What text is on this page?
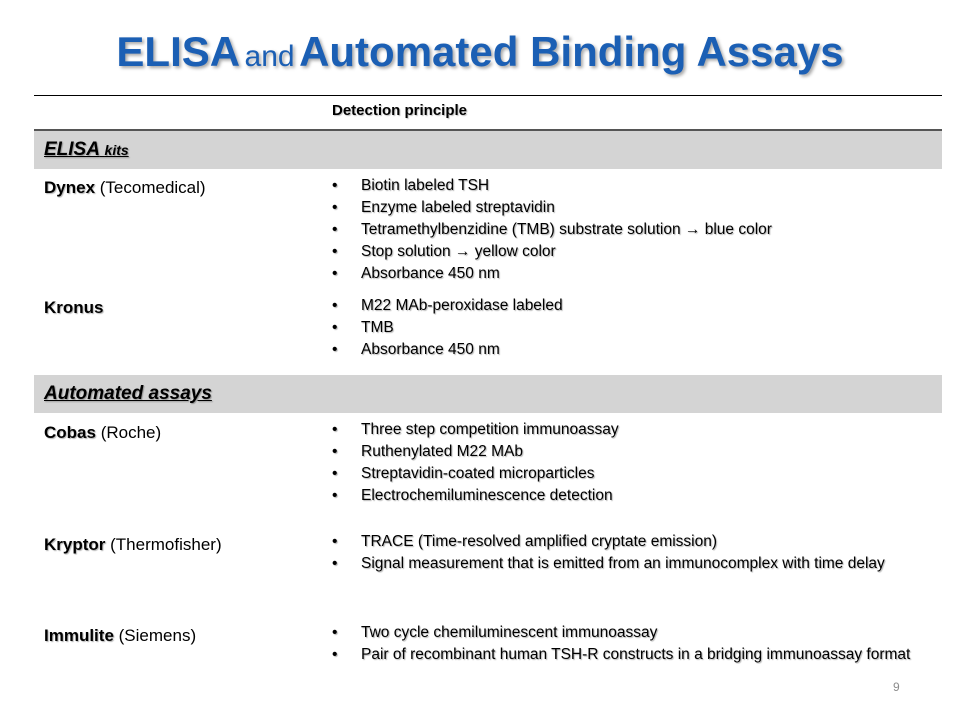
ELISA and Automated Binding Assays
Detection principle
ELISA kits
Dynex (Tecomedical)	• Biotin labeled TSH
• Enzyme labeled streptavidin
• Tetramethylbenzidine (TMB) substrate solution → blue color
• Stop solution → yellow color
• Absorbance 450 nm
Kronus	• M22 MAb-peroxidase labeled
• TMB
• Absorbance 450 nm
Automated assays
Cobas (Roche)	• Three step competition immunoassay
• Ruthenylated M22 MAb
• Streptavidin-coated microparticles
• Electrochemiluminescence detection
Kryptor (Thermofisher)	• TRACE (Time-resolved amplified cryptate emission)
• Signal measurement that is emitted from an immunocomplex with time delay
Immulite (Siemens)	• Two cycle chemiluminescent immunoassay
• Pair of recombinant human TSH-R constructs in a bridging immunoassay format
9
